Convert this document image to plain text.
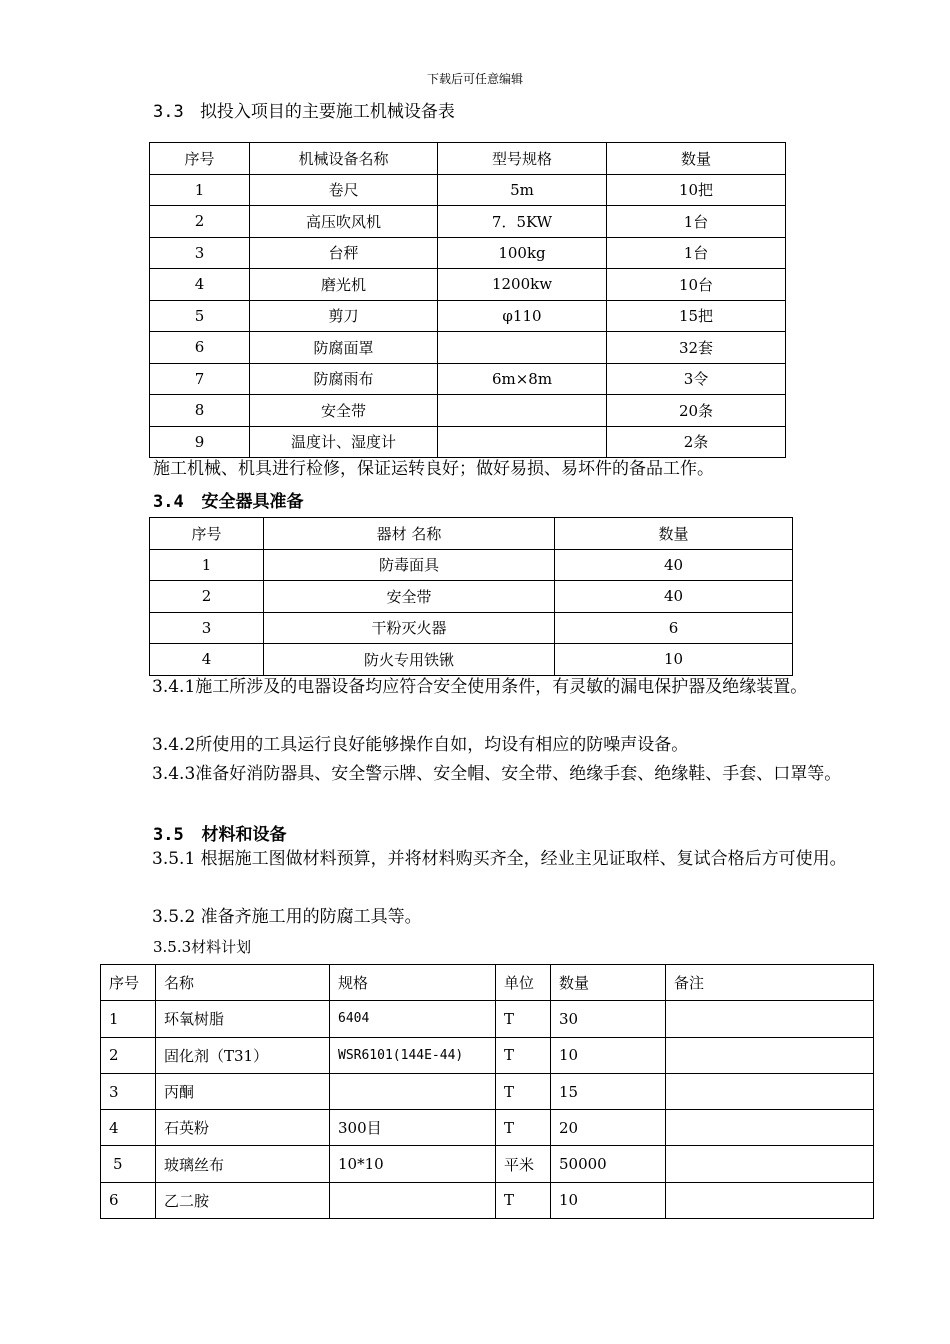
下载后可任意编辑
3.3 拟投入项目的主要施工机械设备表
序号	机械设备名称	型号规格	数量
1	卷尺	5m	10把
2	高压吹风机	7．5KW	1台
3	台秤	100kg	1台
4	磨光机	1200kw	10台
5	剪刀	φ110	15把
6	防腐面罩		32套
7	防腐雨布	6m×8m	3令
8	安全带		20条
9	温度计、湿度计		2条
施工机械、机具进行检修，保证运转良好；做好易损、易坏件的备品工作。
3.4 安全器具准备
序号	器材 名称	数量
1	防毒面具	40
2	安全带	40
3	干粉灭火器	6
4	防火专用铁锹	10
3.4.1施工所涉及的电器设备均应符合安全使用条件，有灵敏的漏电保护器及绝缘装置。
3.4.2所使用的工具运行良好能够操作自如，均设有相应的防噪声设备。
3.4.3准备好消防器具、安全警示牌、安全帽、安全带、绝缘手套、绝缘鞋、手套、口罩等。
3.5 材料和设备
3.5.1 根据施工图做材料预算，并将材料购买齐全，经业主见证取样、复试合格后方可使用。
3.5.2 准备齐施工用的防腐工具等。
3.5.3材料计划
序号	名称	规格	单位	数量	备注
1	环氧树脂	6404	T	30	
2	固化剂（T31）	WSR6101(144E-44)	T	10	
3	丙酮		T	15	
4	石英粉	300目	T	20	
5	玻璃丝布	10*10	平米	50000	
6	乙二胺		T	10	
